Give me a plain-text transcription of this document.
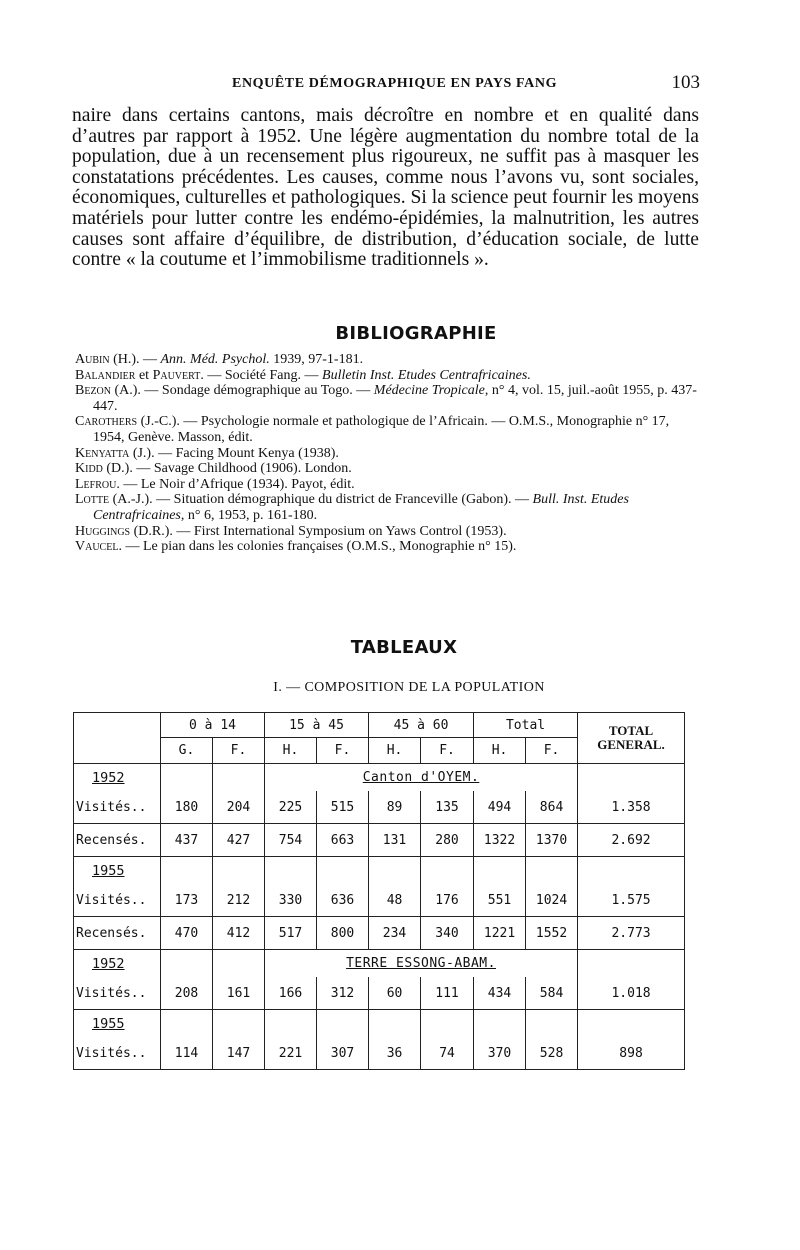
ENQUÊTE DÉMOGRAPHIQUE EN PAYS FANG	103

naire dans certains cantons, mais décroître en nombre et en qualité dans d’autres par rapport à 1952. Une légère augmentation du nombre total de la population, due à un recensement plus rigoureux, ne suffit pas à masquer les constatations précédentes. Les causes, comme nous l’avons vu, sont sociales, économiques, culturelles et pathologiques. Si la science peut fournir les moyens matériels pour lutter contre les endémo-épidémies, la malnutrition, les autres causes sont affaire d’équilibre, de distribution, d’éducation sociale, de lutte contre « la coutume et l’immobilisme traditionnels ».

BIBLIOGRAPHIE
Aubin (H.). — Ann. Méd. Psychol. 1939, 97-1-181.
Balandier et Pauvert. — Société Fang. — Bulletin Inst. Etudes Centrafricaines.
Bezon (A.). — Sondage démographique au Togo. — Médecine Tropicale, n° 4, vol. 15, juil.-août 1955, p. 437-447.
Carothers (J.-C.). — Psychologie normale et pathologique de l’Africain. — O.M.S., Monographie n° 17, 1954, Genève. Masson, édit.
Kenyatta (J.). — Facing Mount Kenya (1938).
Kidd (D.). — Savage Childhood (1906). London.
Lefrou. — Le Noir d’Afrique (1934). Payot, édit.
Lotte (A.-J.). — Situation démographique du district de Franceville (Gabon). — Bull. Inst. Etudes Centrafricaines, n° 6, 1953, p. 161-180.
Huggings (D.R.). — First International Symposium on Yaws Control (1953).
Vaucel. — Le pian dans les colonies françaises (O.M.S., Monographie n° 15).
TABLEAUX
I. — COMPOSITION DE LA POPULATION
	0 à 14		15 à 45		45 à 60		Total		TOTAL
GENERAL.
	G.	F.	H.	F.	H.	F.	H.	F.	
1952			Canton d'OYEM.						
Visités..	180	204	225	515	89	135	494	864	1.358
Recensés.	437	427	754	663	131	280	1322	1370	2.692
1955									
Visités..	173	212	330	636	48	176	551	1024	1.575
Recensés.	470	412	517	800	234	340	1221	1552	2.773
1952			TERRE ESSONG-ABAM.						
Visités..	208	161	166	312	60	111	434	584	1.018
1955									
Visités..	114	147	221	307	36	74	370	528	898
